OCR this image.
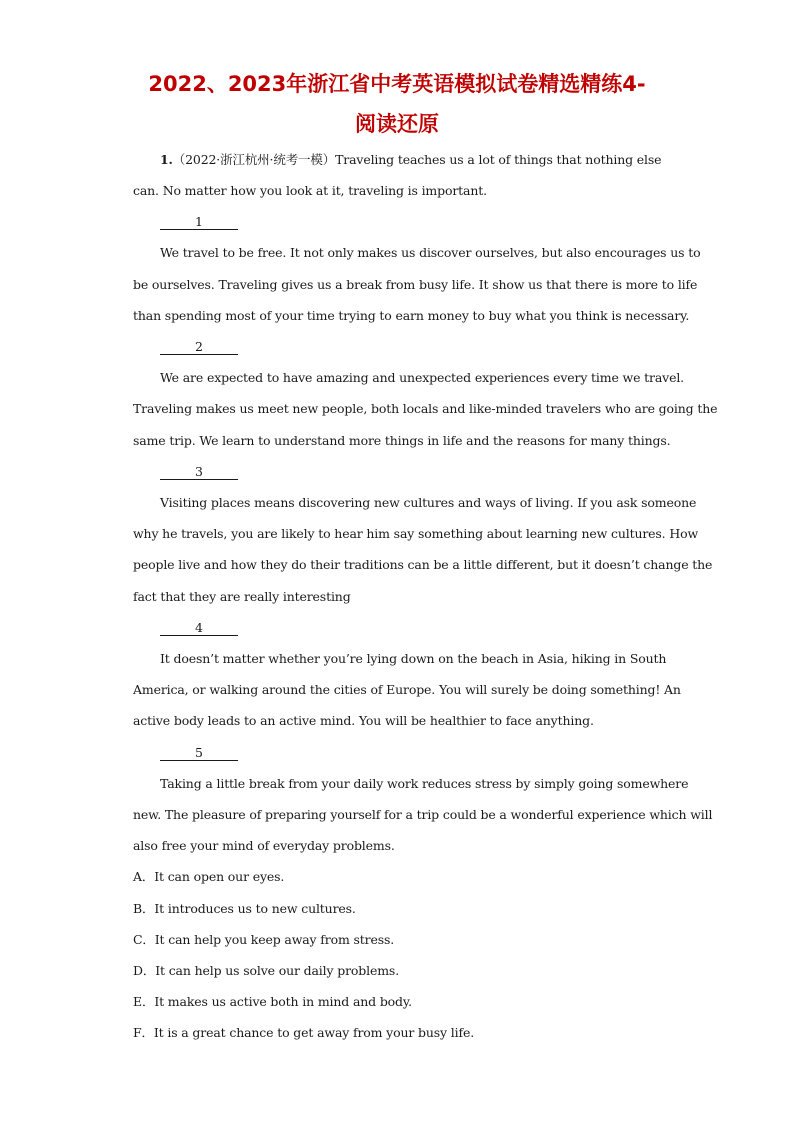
2022、2023年浙江省中考英语模拟试卷精选精练4-
阅读还原
1.（2022·浙江杭州·统考一模）Traveling teaches us a lot of things that nothing else
can. No matter how you look at it, traveling is important.
1
We travel to be free. It not only makes us discover ourselves, but also encourages us to
be ourselves. Traveling gives us a break from busy life. It show us that there is more to life
than spending most of your time trying to earn money to buy what you think is necessary.
2
We are expected to have amazing and unexpected experiences every time we travel.
Traveling makes us meet new people, both locals and like-minded travelers who are going the
same trip. We learn to understand more things in life and the reasons for many things.
3
Visiting places means discovering new cultures and ways of living. If you ask someone
why he travels, you are likely to hear him say something about learning new cultures. How
people live and how they do their traditions can be a little different, but it doesn’t change the
fact that they are really interesting
4
It doesn’t matter whether you’re lying down on the beach in Asia, hiking in South
America, or walking around the cities of Europe. You will surely be doing something! An
active body leads to an active mind. You will be healthier to face anything.
5
Taking a little break from your daily work reduces stress by simply going somewhere
new. The pleasure of preparing yourself for a trip could be a wonderful experience which will
also free your mind of everyday problems.
A．It can open our eyes.
B．It introduces us to new cultures.
C．It can help you keep away from stress.
D．It can help us solve our daily problems.
E．It makes us active both in mind and body.
F．It is a great chance to get away from your busy life.
